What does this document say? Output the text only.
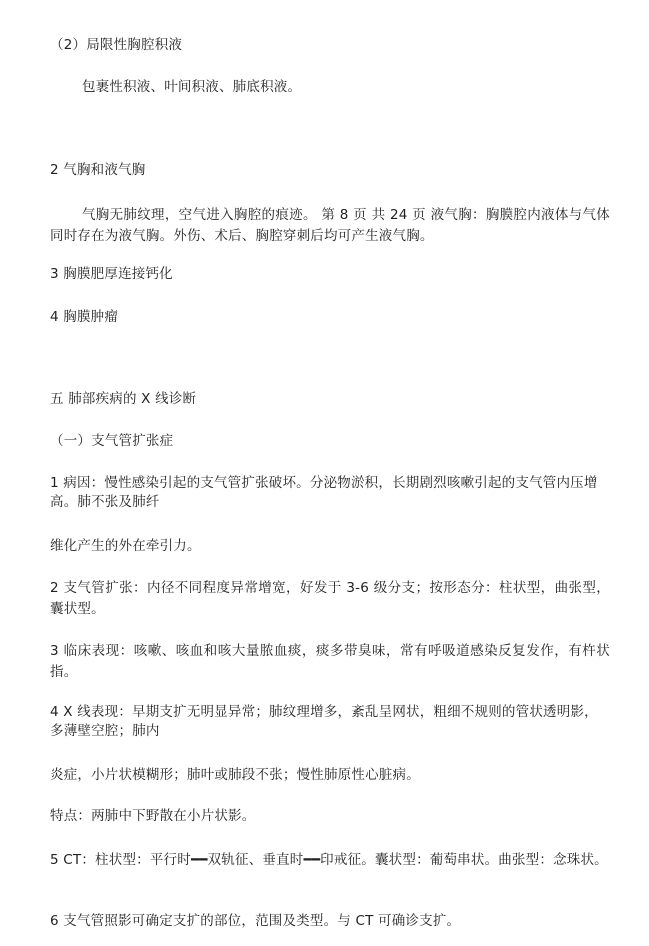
（2）局限性胸腔积液

包裹性积液、叶间积液、肺底积液。

2 气胸和液气胸

气胸无肺纹理，空气进入胸腔的痕迹。 第 8 页 共 24 页 液气胸：胸膜腔内液体与气体同时存在为液气胸。外伤、术后、胸腔穿刺后均可产生液气胸。

3 胸膜肥厚连接钙化

4 胸膜肿瘤

五 肺部疾病的 X 线诊断

（一）支气管扩张症

1 病因：慢性感染引起的支气管扩张破坏。分泌物淤积，长期剧烈咳嗽引起的支气管内压增高。肺不张及肺纤

维化产生的外在牵引力。

2 支气管扩张：内径不同程度异常增宽，好发于 3-6 级分支；按形态分：柱状型，曲张型，囊状型。

3 临床表现：咳嗽、咳血和咳大量脓血痰，痰多带臭味，常有呼吸道感染反复发作，有杵状指。

4 X 线表现：早期支扩无明显异常；肺纹理增多，紊乱呈网状，粗细不规则的管状透明影，多薄壁空腔；肺内

炎症，小片状模糊形；肺叶或肺段不张；慢性肺原性心脏病。

特点：两肺中下野散在小片状影。

5 CT：柱状型：平行时━━双轨征、垂直时━━印戒征。囊状型：葡萄串状。曲张型：念珠状。

6 支气管照影可确定支扩的部位，范围及类型。与 CT 可确诊支扩。
